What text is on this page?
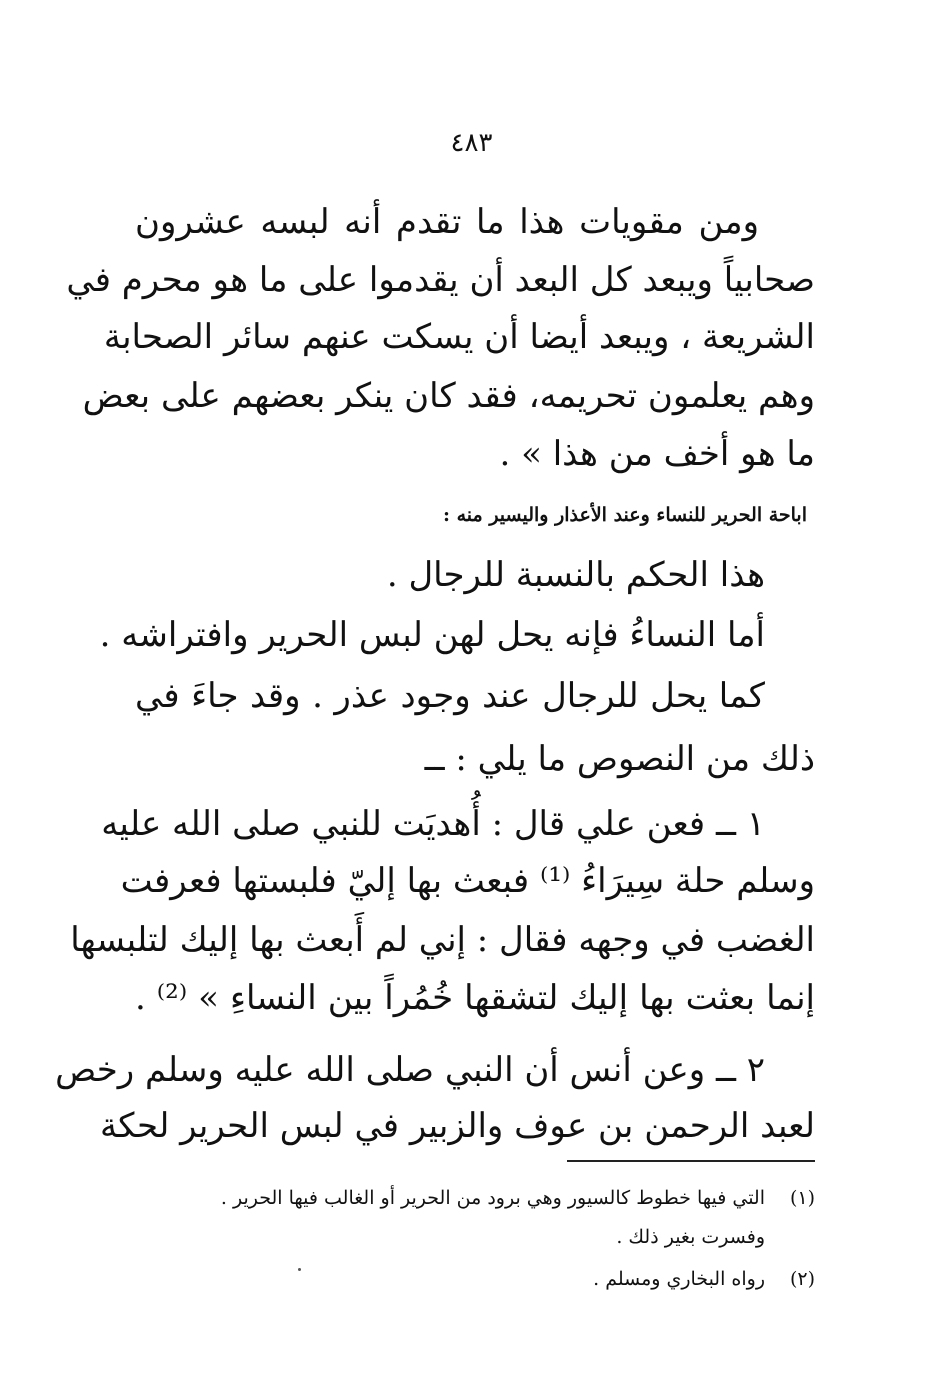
٤٨٣
ومن مقويات هذا ما تقدم أنه لبسه عشرون
صحابياً ويبعد كل البعد أن يقدموا على ما هو محرم في
الشريعة ، ويبعد أيضا أن يسكت عنهم سائر الصحابة
وهم يعلمون تحريمه، فقد كان ينكر بعضهم على بعض
ما هو أخف من هذا » .
اباحة الحرير للنساء وعند الأعذار واليسير منه :
هذا الحكم بالنسبة للرجال .
أما النساءُ فإنه يحل لهن لبس الحرير وافتراشه .
كما يحل للرجال عند وجود عذر . وقد جاءَ في
ذلك من النصوص ما يلي : ــ
١ ــ فعن علي قال : أُهديَت للنبي صلى الله عليه
وسلم حلة سِيرَاءُ ⁽¹⁾ فبعث بها إليّ فلبستها فعرفت
الغضب في وجهه فقال : إني لم أَبعث بها إليك لتلبسها
إنما بعثت بها إليك لتشقها خُمُراً بين النساءِ » ⁽²⁾ .
٢ ــ وعن أنس أن النبي صلى الله عليه وسلم رخص
لعبد الرحمن بن عوف والزبير في لبس الحرير لحكة
(١)التي فيها خطوط كالسيور وهي برود من الحرير أو الغالب فيها الحرير .
وفسرت بغير ذلك .
(٢)رواه البخاري ومسلم .
